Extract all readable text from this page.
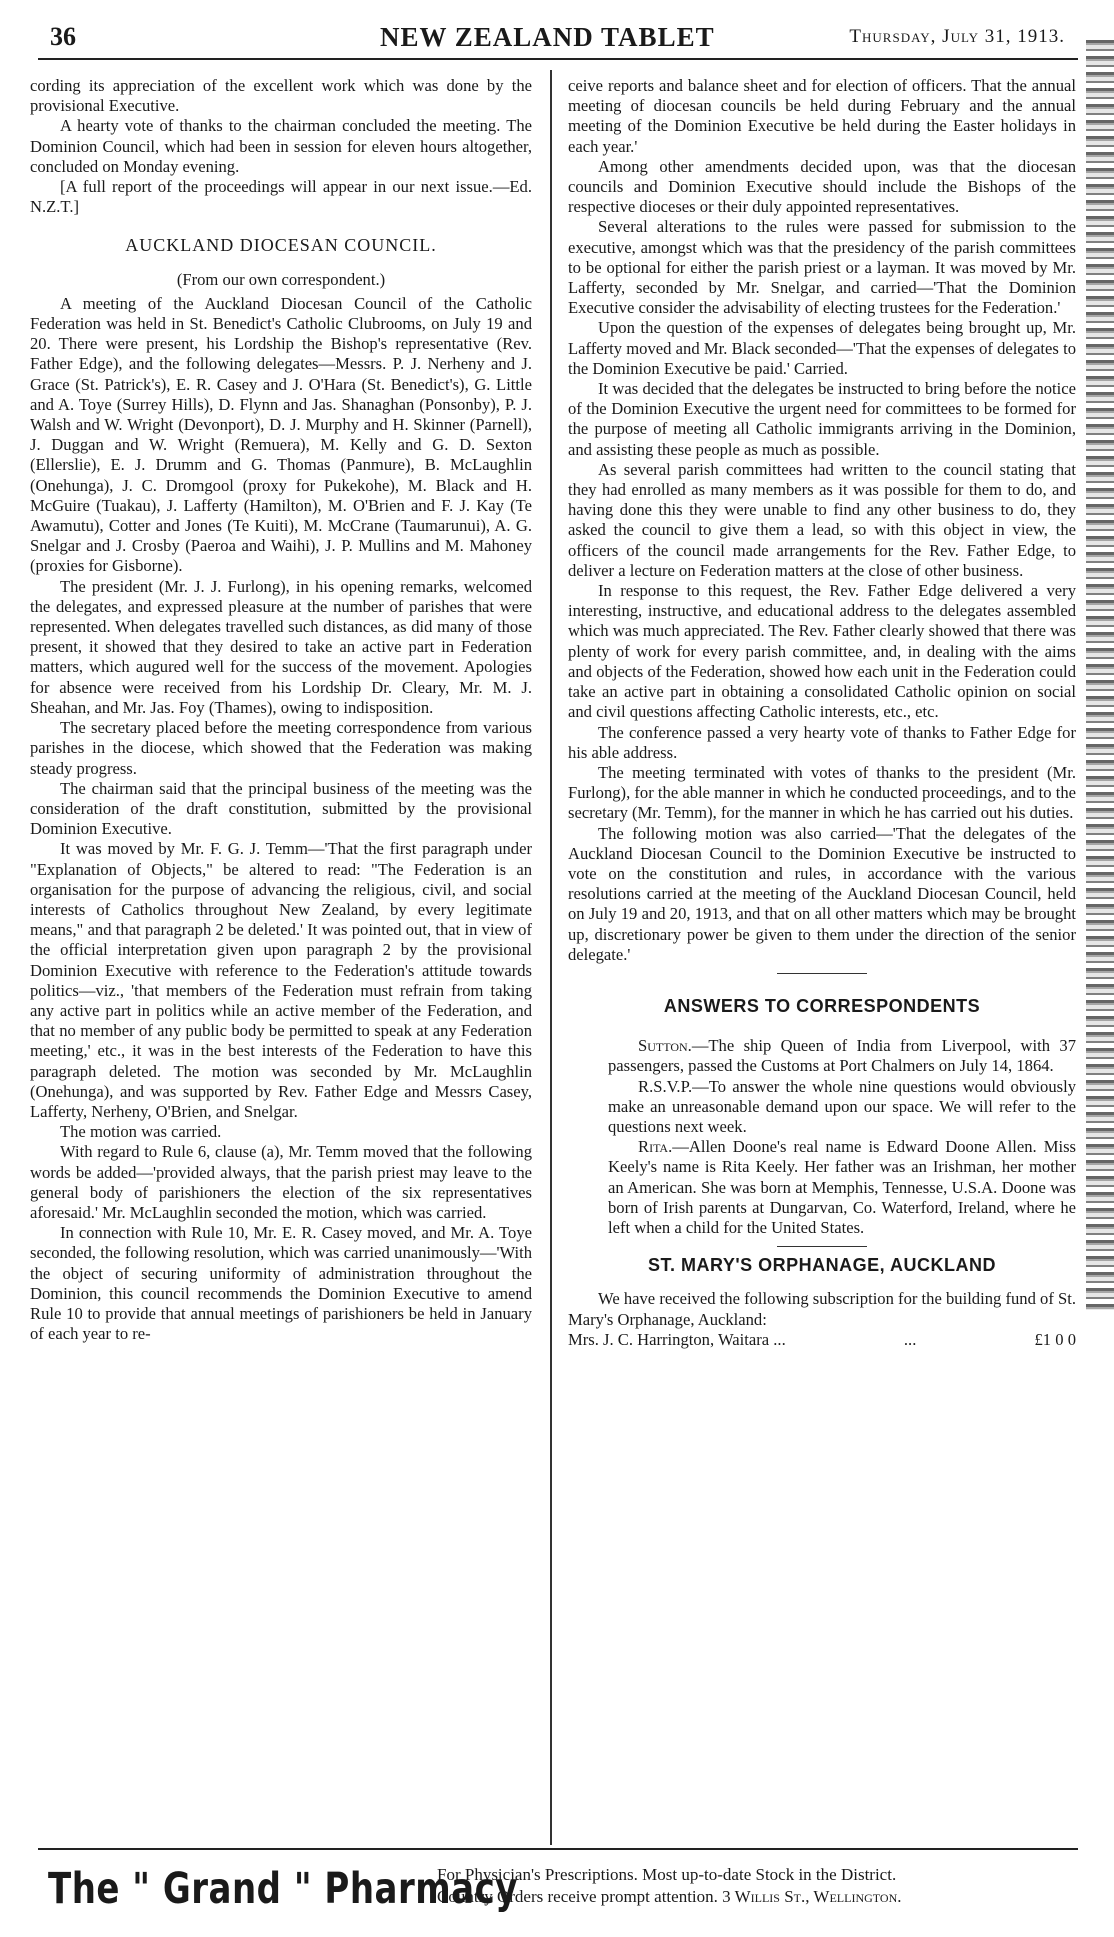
36	NEW ZEALAND TABLET	Thursday, July 31, 1913.

cording its appreciation of the excellent work which was done by the provisional Executive.

A hearty vote of thanks to the chairman concluded the meeting. The Dominion Council, which had been in session for eleven hours altogether, concluded on Monday evening.

[A full report of the proceedings will appear in our next issue.—Ed. N.Z.T.]

AUCKLAND DIOCESAN COUNCIL.
(From our own correspondent.)

A meeting of the Auckland Diocesan Council of the Catholic Federation was held in St. Benedict's Catholic Clubrooms, on July 19 and 20. There were present, his Lordship the Bishop's representative (Rev. Father Edge), and the following delegates—Messrs. P. J. Nerheny and J. Grace (St. Patrick's), E. R. Casey and J. O'Hara (St. Benedict's), G. Little and A. Toye (Surrey Hills), D. Flynn and Jas. Shanaghan (Ponsonby), P. J. Walsh and W. Wright (Devonport), D. J. Murphy and H. Skinner (Parnell), J. Duggan and W. Wright (Remuera), M. Kelly and G. D. Sexton (Ellerslie), E. J. Drumm and G. Thomas (Panmure), B. McLaughlin (Onehunga), J. C. Dromgool (proxy for Pukekohe), M. Black and H. McGuire (Tuakau), J. Lafferty (Hamilton), M. O'Brien and F. J. Kay (Te Awamutu), Cotter and Jones (Te Kuiti), M. McCrane (Taumarunui), A. G. Snelgar and J. Crosby (Paeroa and Waihi), J. P. Mullins and M. Mahoney (proxies for Gisborne).

The president (Mr. J. J. Furlong), in his opening remarks, welcomed the delegates, and expressed pleasure at the number of parishes that were represented. When delegates travelled such distances, as did many of those present, it showed that they desired to take an active part in Federation matters, which augured well for the success of the movement. Apologies for absence were received from his Lordship Dr. Cleary, Mr. M. J. Sheahan, and Mr. Jas. Foy (Thames), owing to indisposition.

The secretary placed before the meeting correspondence from various parishes in the diocese, which showed that the Federation was making steady progress.

The chairman said that the principal business of the meeting was the consideration of the draft constitution, submitted by the provisional Dominion Executive.

It was moved by Mr. F. G. J. Temm—'That the first paragraph under "Explanation of Objects," be altered to read: "The Federation is an organisation for the purpose of advancing the religious, civil, and social interests of Catholics throughout New Zealand, by every legitimate means," and that paragraph 2 be deleted.' It was pointed out, that in view of the official interpretation given upon paragraph 2 by the provisional Dominion Executive with reference to the Federation's attitude towards politics—viz., 'that members of the Federation must refrain from taking any active part in politics while an active member of the Federation, and that no member of any public body be permitted to speak at any Federation meeting,' etc., it was in the best interests of the Federation to have this paragraph deleted. The motion was seconded by Mr. McLaughlin (Onehunga), and was supported by Rev. Father Edge and Messrs Casey, Lafferty, Nerheny, O'Brien, and Snelgar.

The motion was carried.

With regard to Rule 6, clause (a), Mr. Temm moved that the following words be added—'provided always, that the parish priest may leave to the general body of parishioners the election of the six representatives aforesaid.' Mr. McLaughlin seconded the motion, which was carried.

In connection with Rule 10, Mr. E. R. Casey moved, and Mr. A. Toye seconded, the following resolution, which was carried unanimously—'With the object of securing uniformity of administration throughout the Dominion, this council recommends the Dominion Executive to amend Rule 10 to provide that annual meetings of parishioners be held in January of each year to re-

ceive reports and balance sheet and for election of officers. That the annual meeting of diocesan councils be held during February and the annual meeting of the Dominion Executive be held during the Easter holidays in each year.'

Among other amendments decided upon, was that the diocesan councils and Dominion Executive should include the Bishops of the respective dioceses or their duly appointed representatives.

Several alterations to the rules were passed for submission to the executive, amongst which was that the presidency of the parish committees to be optional for either the parish priest or a layman. It was moved by Mr. Lafferty, seconded by Mr. Snelgar, and carried—'That the Dominion Executive consider the advisability of electing trustees for the Federation.'

Upon the question of the expenses of delegates being brought up, Mr. Lafferty moved and Mr. Black seconded—'That the expenses of delegates to the Dominion Executive be paid.' Carried.

It was decided that the delegates be instructed to bring before the notice of the Dominion Executive the urgent need for committees to be formed for the purpose of meeting all Catholic immigrants arriving in the Dominion, and assisting these people as much as possible.

As several parish committees had written to the council stating that they had enrolled as many members as it was possible for them to do, and having done this they were unable to find any other business to do, they asked the council to give them a lead, so with this object in view, the officers of the council made arrangements for the Rev. Father Edge, to deliver a lecture on Federation matters at the close of other business.

In response to this request, the Rev. Father Edge delivered a very interesting, instructive, and educational address to the delegates assembled which was much appreciated. The Rev. Father clearly showed that there was plenty of work for every parish committee, and, in dealing with the aims and objects of the Federation, showed how each unit in the Federation could take an active part in obtaining a consolidated Catholic opinion on social and civil questions affecting Catholic interests, etc., etc.

The conference passed a very hearty vote of thanks to Father Edge for his able address.

The meeting terminated with votes of thanks to the president (Mr. Furlong), for the able manner in which he conducted proceedings, and to the secretary (Mr. Temm), for the manner in which he has carried out his duties.

The following motion was also carried—'That the delegates of the Auckland Diocesan Council to the Dominion Executive be instructed to vote on the constitution and rules, in accordance with the various resolutions carried at the meeting of the Auckland Diocesan Council, held on July 19 and 20, 1913, and that on all other matters which may be brought up, discretionary power be given to them under the direction of the senior delegate.'

ANSWERS TO CORRESPONDENTS

Sutton.—The ship Queen of India from Liverpool, with 37 passengers, passed the Customs at Port Chalmers on July 14, 1864.

R.S.V.P.—To answer the whole nine questions would obviously make an unreasonable demand upon our space. We will refer to the questions next week.

Rita.—Allen Doone's real name is Edward Doone Allen. Miss Keely's name is Rita Keely. Her father was an Irishman, her mother an American. She was born at Memphis, Tennesse, U.S.A. Doone was born of Irish parents at Dungarvan, Co. Waterford, Ireland, where he left when a child for the United States.

ST. MARY'S ORPHANAGE, AUCKLAND

We have received the following subscription for the building fund of St. Mary's Orphanage, Auckland:

Mrs. J. C. Harrington, Waitara ...	...	£1 0 0
The " Grand " Pharmacy
For Physician's Prescriptions. Most up-to-date Stock in the District.
Country Orders receive prompt attention. 3 Willis St., Wellington.
